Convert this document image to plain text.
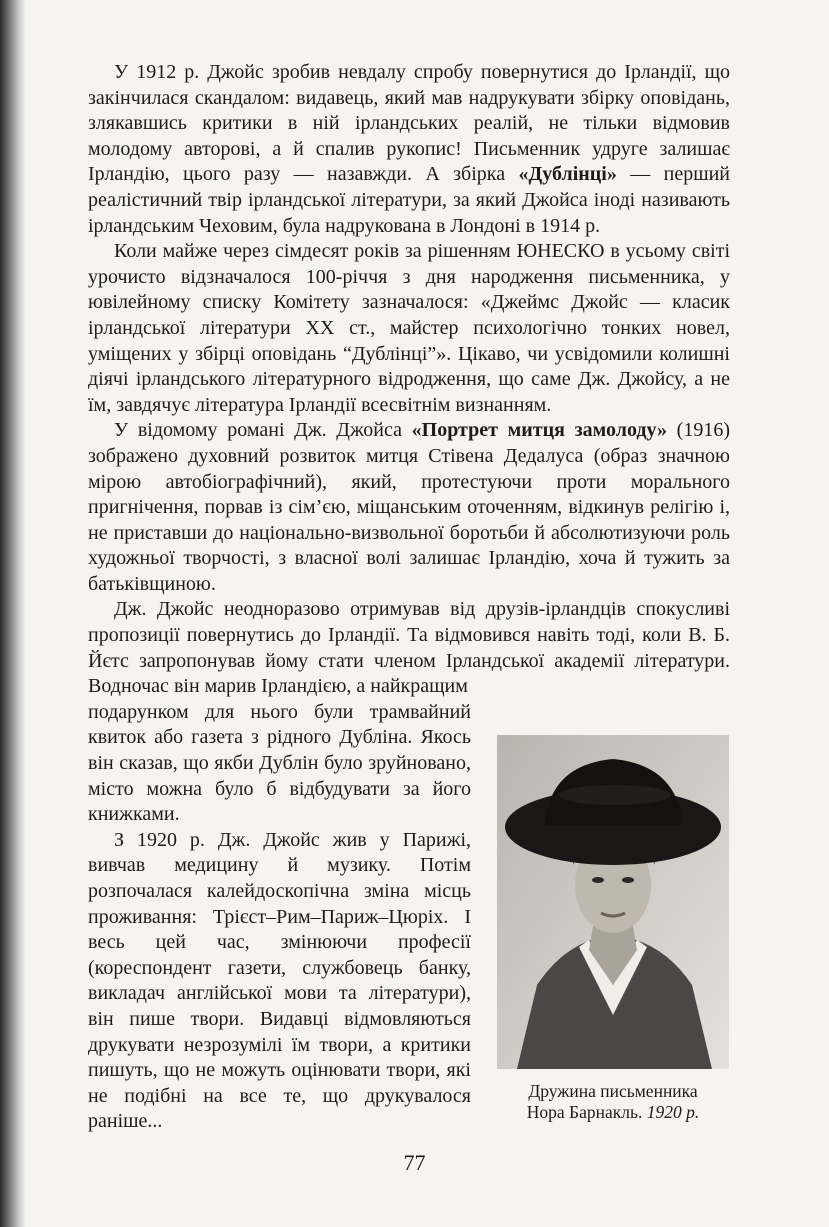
У 1912 р. Джойс зробив невдалу спробу повернутися до Ірландії, що закінчилася скандалом: видавець, який мав надрукувати збірку оповідань, злякавшись критики в ній ірландських реалій, не тільки відмовив молодому авторові, а й спалив рукопис! Письменник удруге залишає Ірландію, цього разу — назавжди. А збірка «Дублінці» — перший реалістичний твір ірландської літератури, за який Джойса іноді називають ірландським Чеховим, була надрукована в Лондоні в 1914 р.

Коли майже через сімдесят років за рішенням ЮНЕСКО в усьому світі урочисто відзначалося 100-річчя з дня народження письменника, у ювілейному списку Комітету зазначалося: «Джеймс Джойс — класик ірландської літератури XX ст., майстер психологічно тонких новел, уміщених у збірці оповідань “Дублінці”». Цікаво, чи усвідомили колишні діячі ірландського літературного відродження, що саме Дж. Джойсу, а не їм, завдячує література Ірландії всесвітнім визнанням.

У відомому романі Дж. Джойса «Портрет митця замолоду» (1916) зображено духовний розвиток митця Стівена Дедалуса (образ значною мірою автобіографічний), який, протестуючи проти морального пригнічення, порвав із сім’єю, міщанським оточенням, відкинув релігію і, не приставши до національно-визвольної боротьби й абсолютизуючи роль художньої творчості, з власної волі залишає Ірландію, хоча й тужить за батьківщиною.

Дж. Джойс неодноразово отримував від друзів-ірландців спокусливі пропозиції повернутись до Ірландії. Та відмовився навіть тоді, коли В. Б. Йєтс запропонував йому стати членом Ірландської академії літератури. Водночас він марив Ірландією, а найкращим

подарунком для нього були трамвайний квиток або газета з рідного Дубліна. Якось він сказав, що якби Дублін було зруйновано, місто можна було б відбудувати за його книжками.

З 1920 р. Дж. Джойс жив у Парижі, вивчав медицину й музику. Потім розпочалася калейдоскопічна зміна місць проживання: Трієст–Рим–Париж–Цюріх. І весь цей час, змінюючи професії (кореспондент газети, службовець банку, викладач англійської мови та літератури), він пише твори. Видавці відмовляються друкувати незрозумілі їм твори, а критики пишуть, що не можуть оцінювати твори, які не подібні на все те, що друкувалося раніше...

Дружина письменника
Нора Барнакль. 1920 р.
77
